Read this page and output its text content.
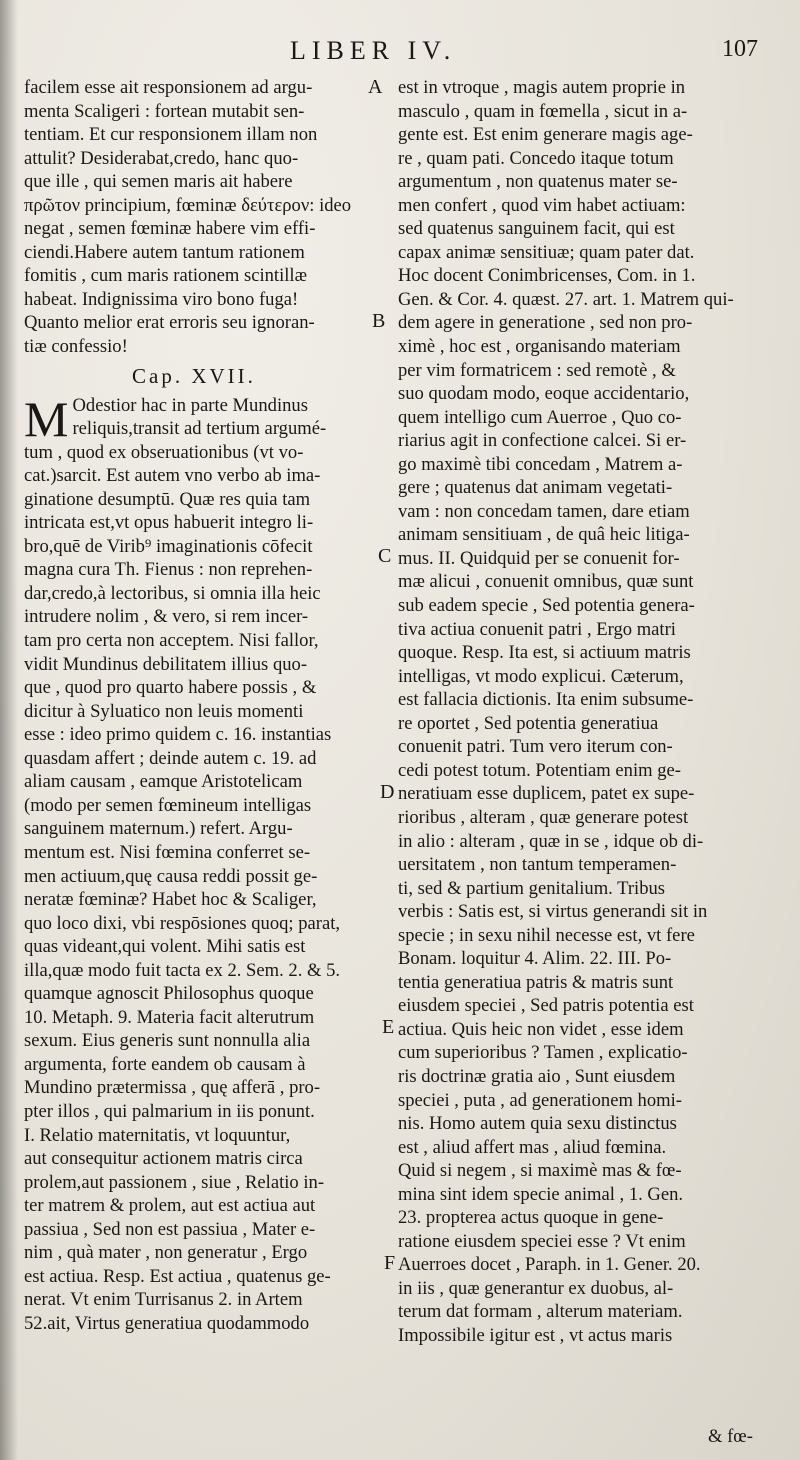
LIBER IV.	107
facilem esse ait responsionem ad argu-
menta Scaligeri : fortean mutabit sen-
tentiam. Et cur responsionem illam non
attulit? Desiderabat,credo, hanc quo-
que ille , qui semen maris ait habere
πρῶτον principium, fœminæ δεύτερον: ideo
negat , semen fœminæ habere vim effi-
ciendi.Habere autem tantum rationem
fomitis , cum maris rationem scintillæ
habeat. Indignissima viro bono fuga!
Quanto melior erat erroris seu ignoran-
tiæ confessio!
Cap. XVII.
M Odestior hac in parte Mundinus
reliquis,transit ad tertium argumé-
tum , quod ex obseruationibus (vt vo-
cat.)sarcit. Est autem vno verbo ab ima-
ginatione desumptū. Quæ res quia tam
intricata est,vt opus habuerit integro li-
bro,quē de Virib⁹ imaginationis cōfecit
magna cura Th. Fienus : non reprehen-
dar,credo,à lectoribus, si omnia illa heic
intrudere nolim , & vero, si rem incer-
tam pro certa non acceptem. Nisi fallor,
vidit Mundinus debilitatem illius quo-
que , quod pro quarto habere possis , &
dicitur à Syluatico non leuis momenti
esse : ideo primo quidem c. 16. instantias
quasdam affert ; deinde autem c. 19. ad
aliam causam , eamque Aristotelicam
(modo per semen fœmineum intelligas
sanguinem maternum.) refert. Argu-
mentum est. Nisi fœmina conferret se-
men actiuum,quę causa reddi possit ge-
neratæ fœminæ? Habet hoc & Scaliger,
quo loco dixi, vbi respōsiones quoq; parat,
quas videant,qui volent. Mihi satis est
illa,quæ modo fuit tacta ex 2. Sem. 2. & 5.
quamque agnoscit Philosophus quoque
10. Metaph. 9. Materia facit alterutrum
sexum. Eius generis sunt nonnulla alia
argumenta, forte eandem ob causam à
Mundino prætermissa , quę afferā , pro-
pter illos , qui palmarium in iis ponunt.
I. Relatio maternitatis, vt loquuntur,
aut consequitur actionem matris circa
prolem,aut passionem , siue , Relatio in-
ter matrem & prolem, aut est actiua aut
passiua , Sed non est passiua , Mater e-
nim , quà mater , non generatur , Ergo
est actiua. Resp. Est actiua , quatenus ge-
nerat. Vt enim Turrisanus 2. in Artem
52.ait, Virtus generatiua quodammodo
est in vtroque , magis autem proprie in
masculo , quam in fœmella , sicut in a-
gente est. Est enim generare magis age-
re , quam pati. Concedo itaque totum
argumentum , non quatenus mater se-
men confert , quod vim habet actiuam:
sed quatenus sanguinem facit, qui est
capax animæ sensitiuæ; quam pater dat.
Hoc docent Conimbricenses, Com. in 1.
Gen. & Cor. 4. quæst. 27. art. 1. Matrem qui-
dem agere in generatione , sed non pro-
ximè , hoc est , organisando materiam
per vim formatricem : sed remotè , &
suo quodam modo, eoque accidentario,
quem intelligo cum Auerroe , Quo co-
riarius agit in confectione calcei. Si er-
go maximè tibi concedam , Matrem a-
gere ; quatenus dat animam vegetati-
vam : non concedam tamen, dare etiam
animam sensitiuam , de quâ heic litiga-
mus. II. Quidquid per se conuenit for-
mæ alicui , conuenit omnibus, quæ sunt
sub eadem specie , Sed potentia genera-
tiva actiua conuenit patri , Ergo matri
quoque. Resp. Ita est, si actiuum matris
intelligas, vt modo explicui. Cæterum,
est fallacia dictionis. Ita enim subsume-
re oportet , Sed potentia generatiua
conuenit patri. Tum vero iterum con-
cedi potest totum. Potentiam enim ge-
neratiuam esse duplicem, patet ex supe-
rioribus , alteram , quæ generare potest
in alio : alteram , quæ in se , idque ob di-
uersitatem , non tantum temperamen-
ti, sed & partium genitalium. Tribus
verbis : Satis est, si virtus generandi sit in
specie ; in sexu nihil necesse est, vt fere
Bonam. loquitur 4. Alim. 22. III. Po-
tentia generatiua patris & matris sunt
eiusdem speciei , Sed patris potentia est
actiua. Quis heic non videt , esse idem
cum superioribus ? Tamen , explicatio-
ris doctrinæ gratia aio , Sunt eiusdem
speciei , puta , ad generationem homi-
nis. Homo autem quia sexu distinctus
est , aliud affert mas , aliud fœmina.
Quid si negem , si maximè mas & fœ-
mina sint idem specie animal , 1. Gen.
23. propterea actus quoque in gene-
ratione eiusdem speciei esse ? Vt enim
Auerroes docet , Paraph. in 1. Gener. 20.
in iis , quæ generantur ex duobus, al-
terum dat formam , alterum materiam.
Impossibile igitur est , vt actus maris
A
B
C
D
E
F
& fœ-
